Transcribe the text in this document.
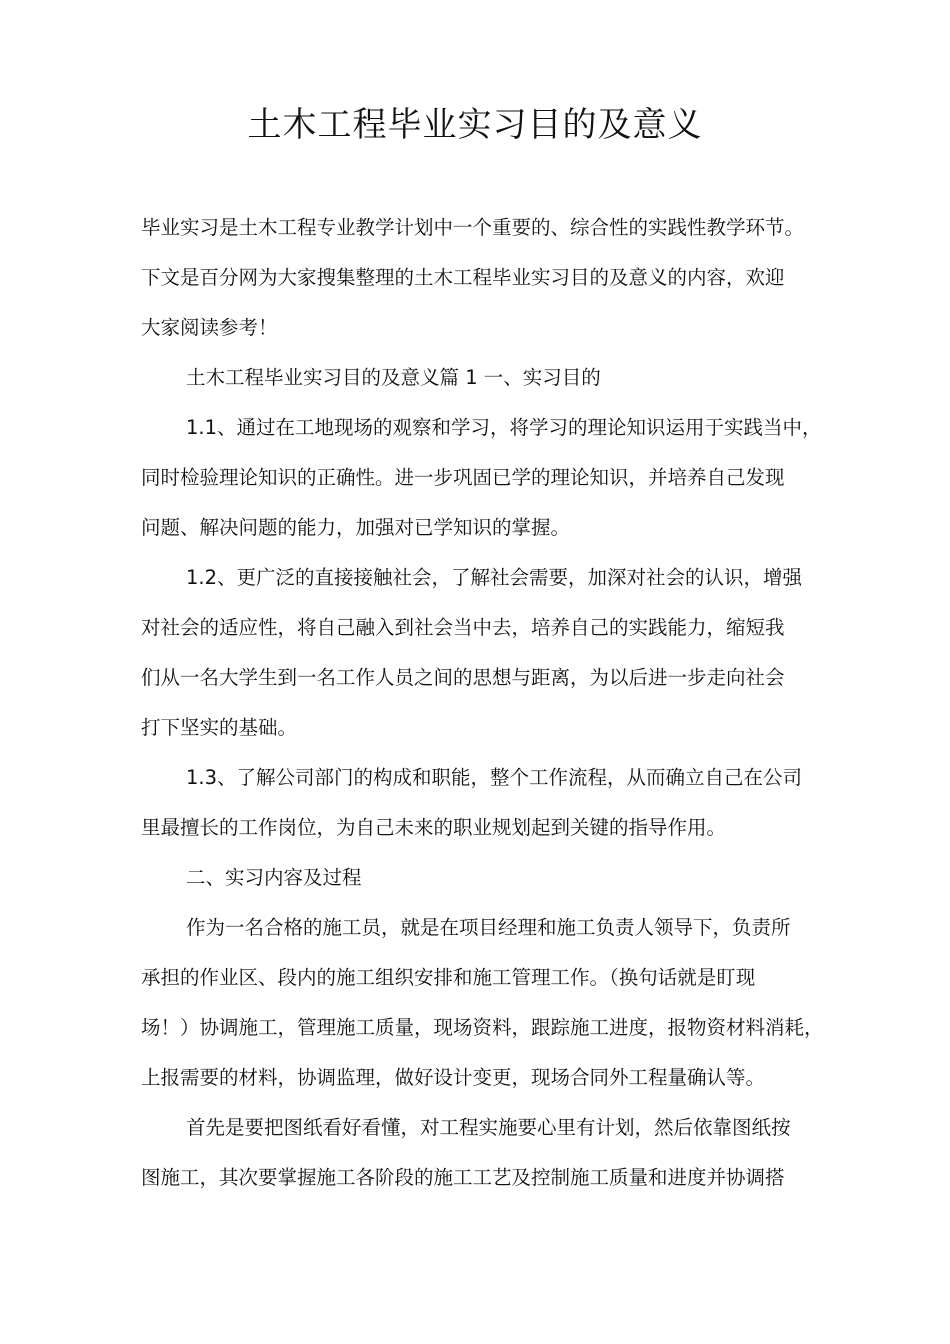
土木工程毕业实习目的及意义
毕业实习是土木工程专业教学计划中一个重要的、综合性的实践性教学环节。
下文是百分网为大家搜集整理的土木工程毕业实习目的及意义的内容，欢迎
大家阅读参考！
土木工程毕业实习目的及意义篇 1 一、实习目的
1.1、通过在工地现场的观察和学习，将学习的理论知识运用于实践当中，
同时检验理论知识的正确性。进一步巩固已学的理论知识，并培养自己发现
问题、解决问题的能力，加强对已学知识的掌握。
1.2、更广泛的直接接触社会，了解社会需要，加深对社会的认识，增强
对社会的适应性，将自己融入到社会当中去，培养自己的实践能力，缩短我
们从一名大学生到一名工作人员之间的思想与距离，为以后进一步走向社会
打下坚实的基础。
1.3、了解公司部门的构成和职能，整个工作流程，从而确立自己在公司
里最擅长的工作岗位，为自己未来的职业规划起到关键的指导作用。
二、实习内容及过程
作为一名合格的施工员，就是在项目经理和施工负责人领导下，负责所
承担的作业区、段内的施工组织安排和施工管理工作。（换句话就是盯现
场！）协调施工，管理施工质量，现场资料，跟踪施工进度，报物资材料消耗，
上报需要的材料，协调监理，做好设计变更，现场合同外工程量确认等。
首先是要把图纸看好看懂，对工程实施要心里有计划，然后依靠图纸按
图施工，其次要掌握施工各阶段的施工工艺及控制施工质量和进度并协调搭
